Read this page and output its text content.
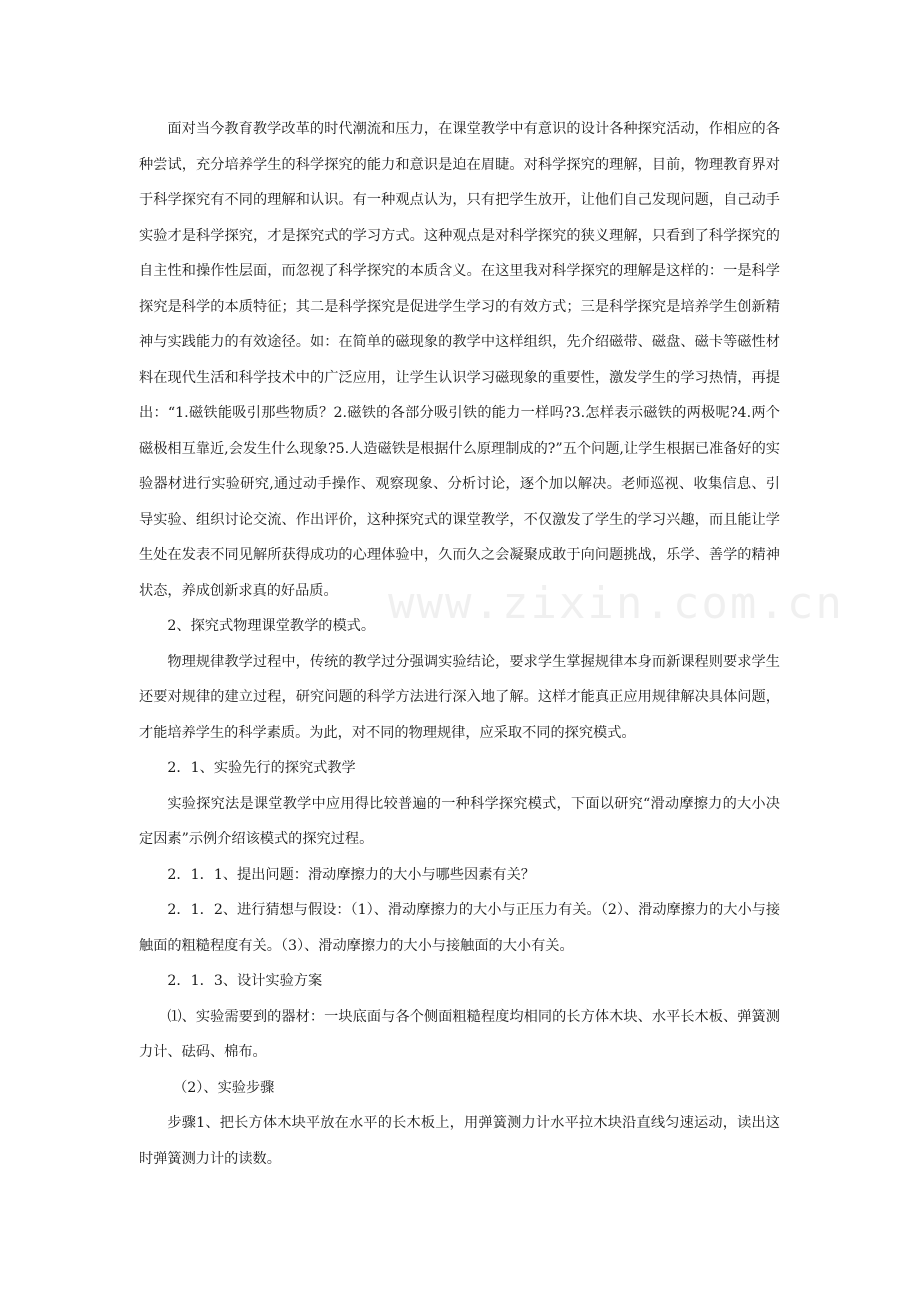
www.zixin.com.cn

面对当今教育教学改革的时代潮流和压力，在课堂教学中有意识的设计各种探究活动，作相应的各种尝试，充分培养学生的科学探究的能力和意识是迫在眉睫。对科学探究的理解，目前，物理教育界对于科学探究有不同的理解和认识。有一种观点认为，只有把学生放开，让他们自己发现问题，自己动手实验才是科学探究，才是探究式的学习方式。这种观点是对科学探究的狭义理解，只看到了科学探究的自主性和操作性层面，而忽视了科学探究的本质含义。在这里我对科学探究的理解是这样的：一是科学探究是科学的本质特征；其二是科学探究是促进学生学习的有效方式；三是科学探究是培养学生创新精神与实践能力的有效途径。如：在简单的磁现象的教学中这样组织，先介绍磁带、磁盘、磁卡等磁性材料在现代生活和科学技术中的广泛应用，让学生认识学习磁现象的重要性，激发学生的学习热情，再提出：“1.磁铁能吸引那些物质？2.磁铁的各部分吸引铁的能力一样吗?3.怎样表示磁铁的两极呢?4.两个磁极相互靠近,会发生什么现象?5.人造磁铁是根据什么原理制成的?”五个问题,让学生根据已准备好的实验器材进行实验研究,通过动手操作、观察现象、分析讨论，逐个加以解决。老师巡视、收集信息、引导实验、组织讨论交流、作出评价，这种探究式的课堂教学，不仅激发了学生的学习兴趣，而且能让学生处在发表不同见解所获得成功的心理体验中，久而久之会凝聚成敢于向问题挑战，乐学、善学的精神状态，养成创新求真的好品质。

2、探究式物理课堂教学的模式。

物理规律教学过程中，传统的教学过分强调实验结论，要求学生掌握规律本身而新课程则要求学生还要对规律的建立过程，研究问题的科学方法进行深入地了解。这样才能真正应用规律解决具体问题，才能培养学生的科学素质。为此，对不同的物理规律，应采取不同的探究模式。

2．1、实验先行的探究式教学

实验探究法是课堂教学中应用得比较普遍的一种科学探究模式，下面以研究“滑动摩擦力的大小决定因素”示例介绍该模式的探究过程。

2．1．1、提出问题：滑动摩擦力的大小与哪些因素有关？

2．1．2、进行猜想与假设：（1）、滑动摩擦力的大小与正压力有关。（2）、滑动摩擦力的大小与接触面的粗糙程度有关。（3）、滑动摩擦力的大小与接触面的大小有关。

2．1．3、设计实验方案

⑴、实验需要到的器材：一块底面与各个侧面粗糙程度均相同的长方体木块、水平长木板、弹簧测力计、砝码、棉布。

（2）、实验步骤

步骤1、把长方体木块平放在水平的长木板上，用弹簧测力计水平拉木块沿直线匀速运动，读出这时弹簧测力计的读数。
